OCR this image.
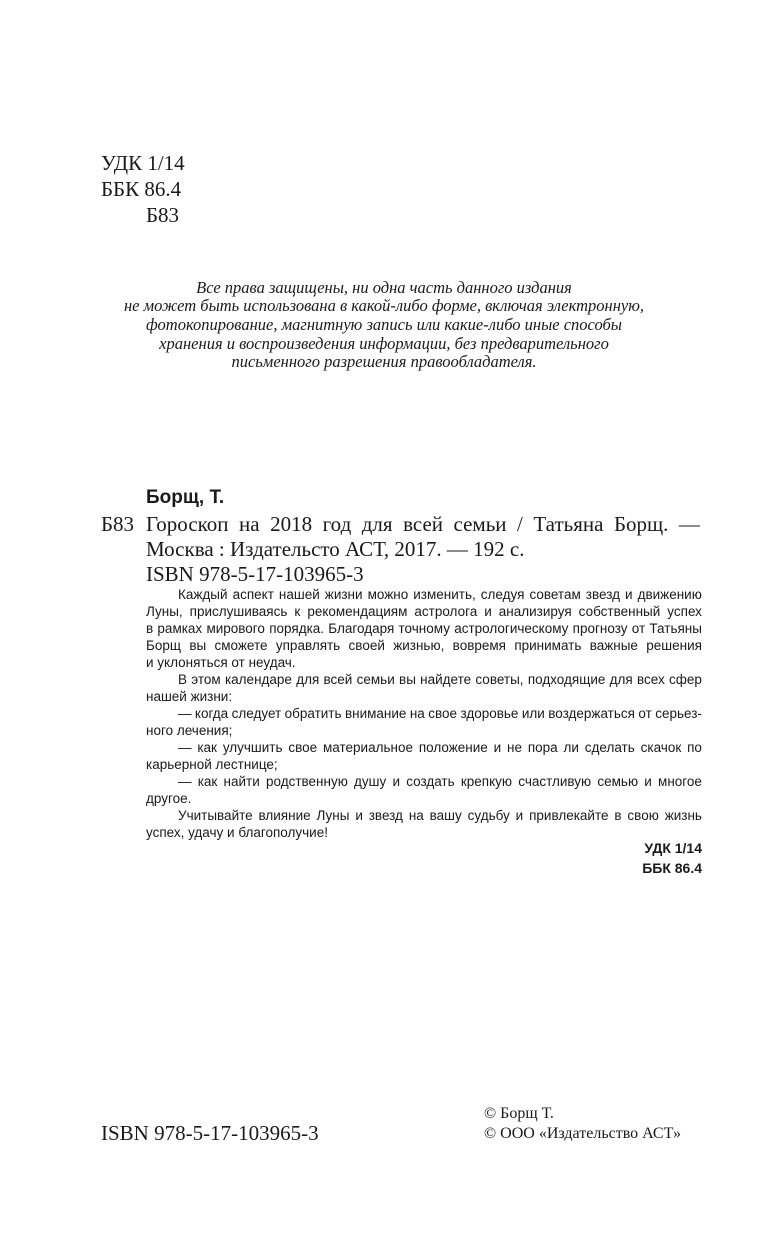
УДК 1/14
ББК 86.4
Б83
Все права защищены, ни одна часть данного издания
не может быть использована в какой-либо форме, включая электронную,
фотокопирование, магнитную запись или какие-либо иные способы
хранения и воспроизведения информации, без предварительного
письменного разрешения правообладателя.
Борщ, Т.
Б83 Гороскоп на 2018 год для всей семьи / Татьяна Борщ. —
Москва : Издательсто АСТ, 2017. — 192 с.
ISBN 978-5-17-103965-3
Каждый аспект нашей жизни можно изменить, следуя советам звезд и движению
Луны, прислушиваясь к рекомендациям астролога и анализируя собственный успех
в рамках мирового порядка. Благодаря точному астрологическому прогнозу от Татьяны
Борщ вы сможете управлять своей жизнью, вовремя принимать важные решения
и уклоняться от неудач.
В этом календаре для всей семьи вы найдете советы, подходящие для всех сфер
нашей жизни:
— когда следует обратить внимание на свое здоровье или воздержаться от серьез-
ного лечения;
— как улучшить свое материальное положение и не пора ли сделать скачок по
карьерной лестнице;
— как найти родственную душу и создать крепкую счастливую семью и многое
другое.
Учитывайте влияние Луны и звезд на вашу судьбу и привлекайте в свою жизнь
успех, удачу и благополучие!
УДК 1/14
ББК 86.4
ISBN 978-5-17-103965-3
© Борщ Т.
© ООО «Издательство АСТ»
